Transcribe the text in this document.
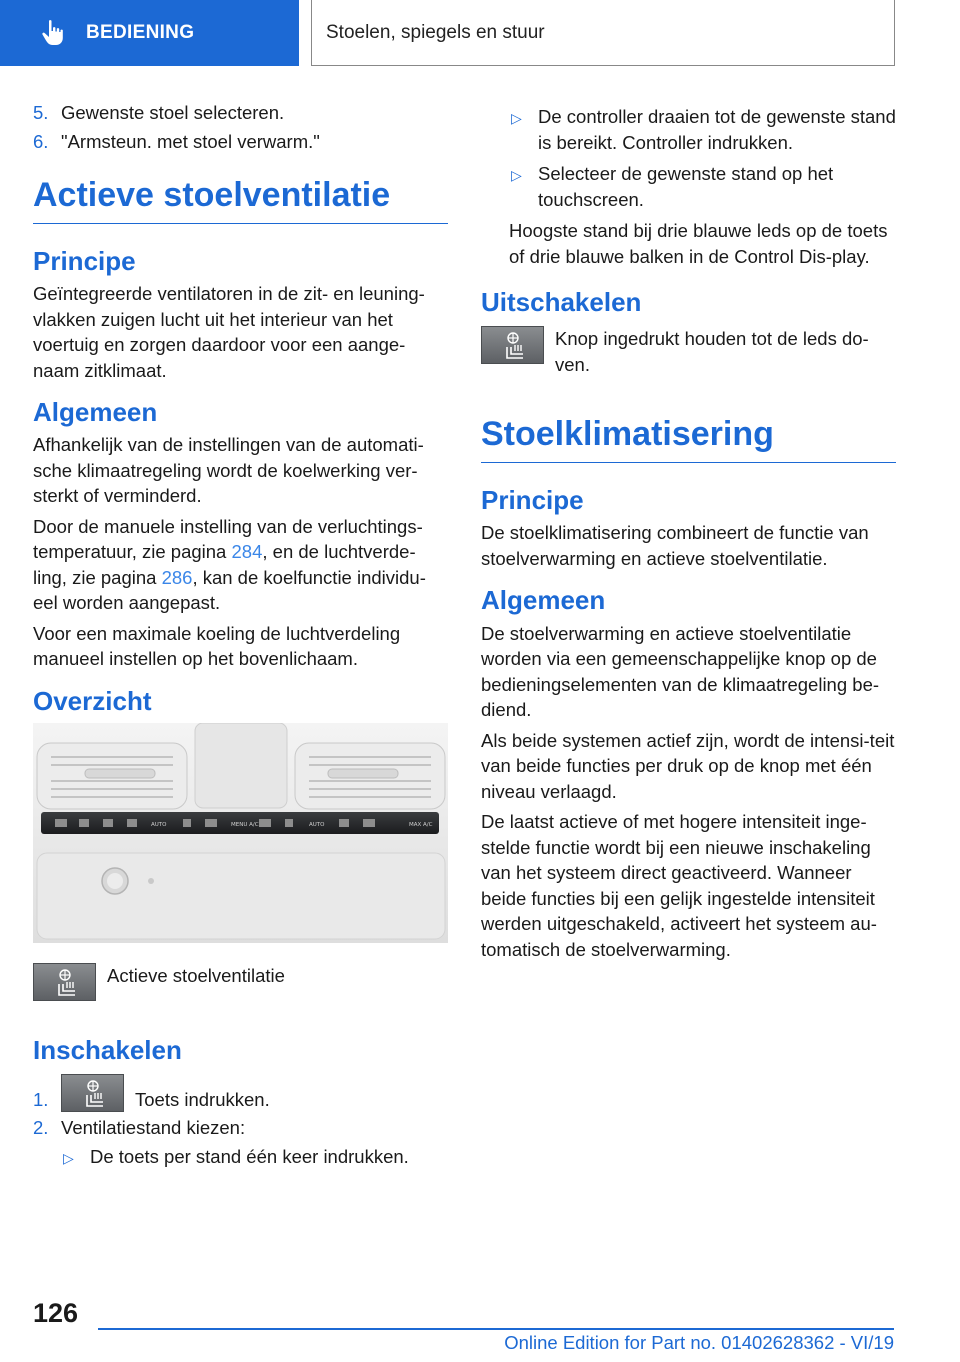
BEDIENING	Stoelen, spiegels en stuur
5. Gewenste stoel selecteren.
6. "Armsteun. met stoel verwarm."
Actieve stoelventilatie
Principe

Geïntegreerde ventilatoren in de zit- en leuning-vlakken zuigen lucht uit het interieur van het voertuig en zorgen daardoor voor een aange-naam zitklimaat.

Algemeen

Afhankelijk van de instellingen van de automati-sche klimaatregeling wordt de koelwerking ver-sterkt of verminderd.

Door de manuele instelling van de verluchtings-temperatuur, zie pagina 284, en de luchtverde-ling, zie pagina 286, kan de koelfunctie individu-eel worden aangepast.

Voor een maximale koeling de luchtverdeling manueel instellen op het bovenlichaam.

Overzicht
AUTO	MENU A/C	AUTO	MAX A/C
Actieve stoelventilatie
Inschakelen
1.	Toets indrukken.
2. Ventilatiestand kiezen:
▷ De toets per stand één keer indrukken.
▷ De controller draaien tot de gewenste stand is bereikt. Controller indrukken.
▷ Selecteer de gewenste stand op het touchscreen.

Hoogste stand bij drie blauwe leds op de toets of drie blauwe balken in de Control Dis-play.

Uitschakelen
Knop ingedrukt houden tot de leds do-ven.
Stoelklimatisering
Principe

De stoelklimatisering combineert de functie van stoelverwarming en actieve stoelventilatie.

Algemeen

De stoelverwarming en actieve stoelventilatie worden via een gemeenschappelijke knop op de bedieningselementen van de klimaatregeling be-diend.

Als beide systemen actief zijn, wordt de intensi-teit van beide functies per druk op de knop met één niveau verlaagd.

De laatst actieve of met hogere intensiteit inge-stelde functie wordt bij een nieuwe inschakeling van het systeem direct geactiveerd. Wanneer beide functies bij een gelijk ingestelde intensiteit werden uitgeschakeld, activeert het systeem au-tomatisch de stoelverwarming.

126
Online Edition for Part no. 01402628362 - VI/19
